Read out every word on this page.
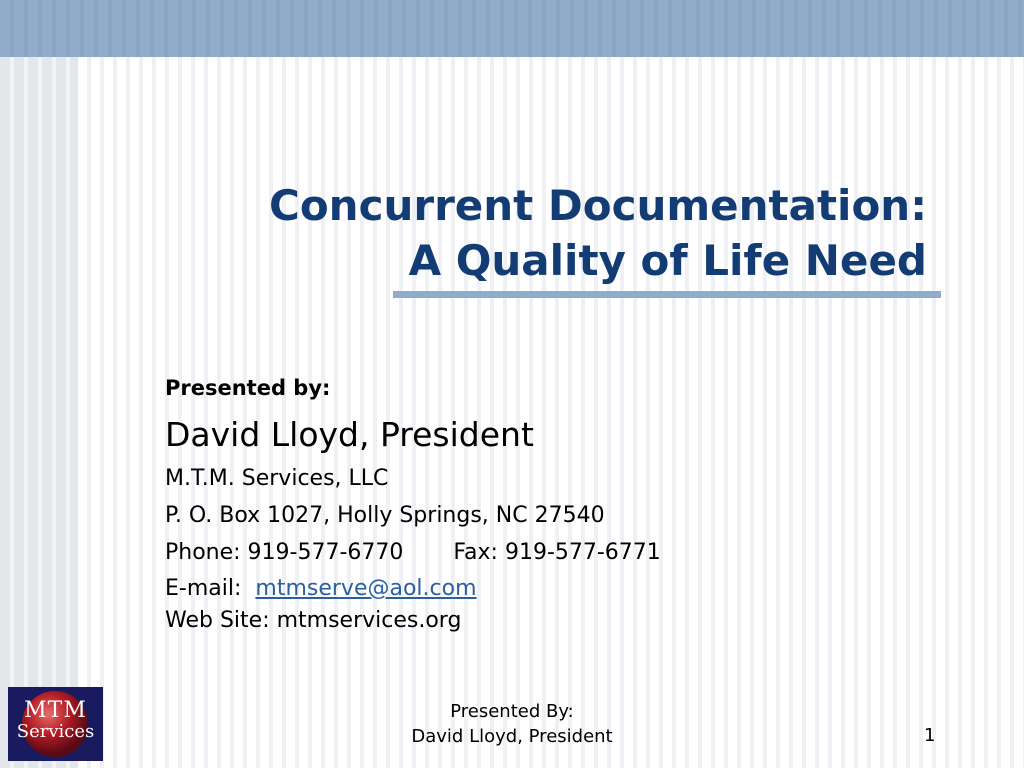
Concurrent Documentation:
A Quality of Life Need
Presented by:
David Lloyd, President
M.T.M. Services, LLC
P. O. Box 1027, Holly Springs, NC 27540
Phone: 919-577-6770 Fax: 919-577-6771
E-mail: mtmserve@aol.com
Web Site: mtmservices.org
Presented By:
David Lloyd, President	1
MTM
Services
